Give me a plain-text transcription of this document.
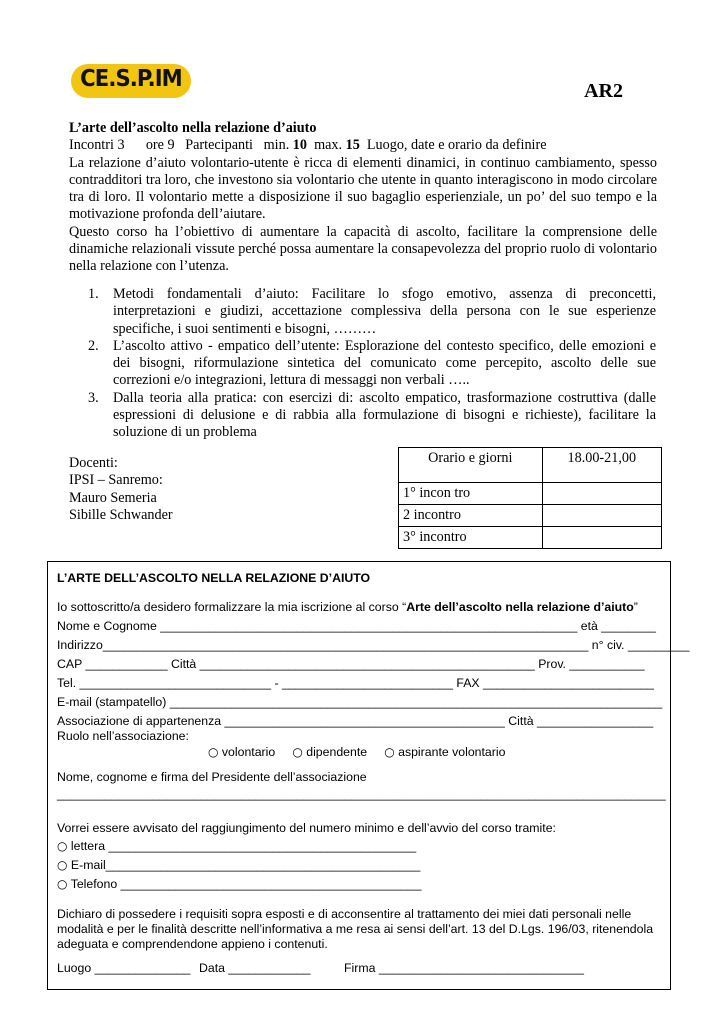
CE.S.P.IM	AR2
L’arte dell’ascolto nella relazione d’aiuto
Incontri 3      ore 9   Partecipanti   min. 10  max. 15  Luogo, date e orario da definire
La relazione d’aiuto volontario-utente è ricca di elementi dinamici, in continuo cambiamento, spesso contradditori tra loro, che investono sia volontario che utente in quanto interagiscono in modo circolare tra di loro. Il volontario mette a disposizione il suo bagaglio esperienziale, un po’ del suo tempo e la motivazione profonda dell’aiutare.
Questo corso ha l’obiettivo di aumentare la capacità di ascolto, facilitare la comprensione delle dinamiche relazionali vissute perché possa aumentare la consapevolezza del proprio ruolo di volontario nella relazione con l’utenza.
1. Metodi fondamentali d’aiuto: Facilitare lo sfogo emotivo, assenza di preconcetti, interpretazioni e giudizi, accettazione complessiva della persona con le sue esperienze specifiche, i suoi sentimenti e bisogni, ………
2. L’ascolto attivo - empatico dell’utente: Esplorazione del contesto specifico, delle emozioni e dei bisogni, riformulazione sintetica del comunicato come percepito, ascolto delle sue correzioni e/o integrazioni, lettura di messaggi non verbali …..
3. Dalla teoria alla pratica: con esercizi di: ascolto empatico, trasformazione costruttiva (dalle espressioni di delusione e di rabbia alla formulazione di bisogni e richieste), facilitare la soluzione di un problema
Docenti:
IPSI – Sanremo:
Mauro Semeria
Sibille Schwander
Orario e giorni	18.00-21,00
1° incon tro	
2 incontro	
3° incontro	
L’ARTE DELL’ASCOLTO NELLA RELAZIONE D’AIUTO
Io sottoscritto/a desidero formalizzare la mia iscrizione al corso “Arte dell’ascolto nella relazione d’aiuto”
Nome e Cognome _____________________________________________________________ età ________
Indirizzo_______________________________________________________________________ n° civ. _________
CAP ____________ Città _________________________________________________ Prov. ___________
Tel. ____________________________ - _________________________ FAX _________________________
E-mail (stampatello) ________________________________________________________________________
Associazione di appartenenza _________________________________________ Città _________________
Ruolo nell’associazione:
○ volontario ○ dipendente ○ aspirante volontario
Nome, cognome e firma del Presidente dell’associazione
_________________________________________________________________________________________
Vorrei essere avvisato del raggiungimento del numero minimo e dell’avvio del corso tramite:
○ lettera _____________________________________________
○ E-mail______________________________________________
○ Telefono ____________________________________________
Dichiaro di possedere i requisiti sopra esposti e di acconsentire al trattamento dei miei dati personali nelle modalità e per le finalità descritte nell’informativa a me resa ai sensi dell’art. 13 del D.Lgs. 196/03, ritenendola adeguata e comprendendone appieno i contenuti.
Luogo ______________ Data ____________	Firma ______________________________
